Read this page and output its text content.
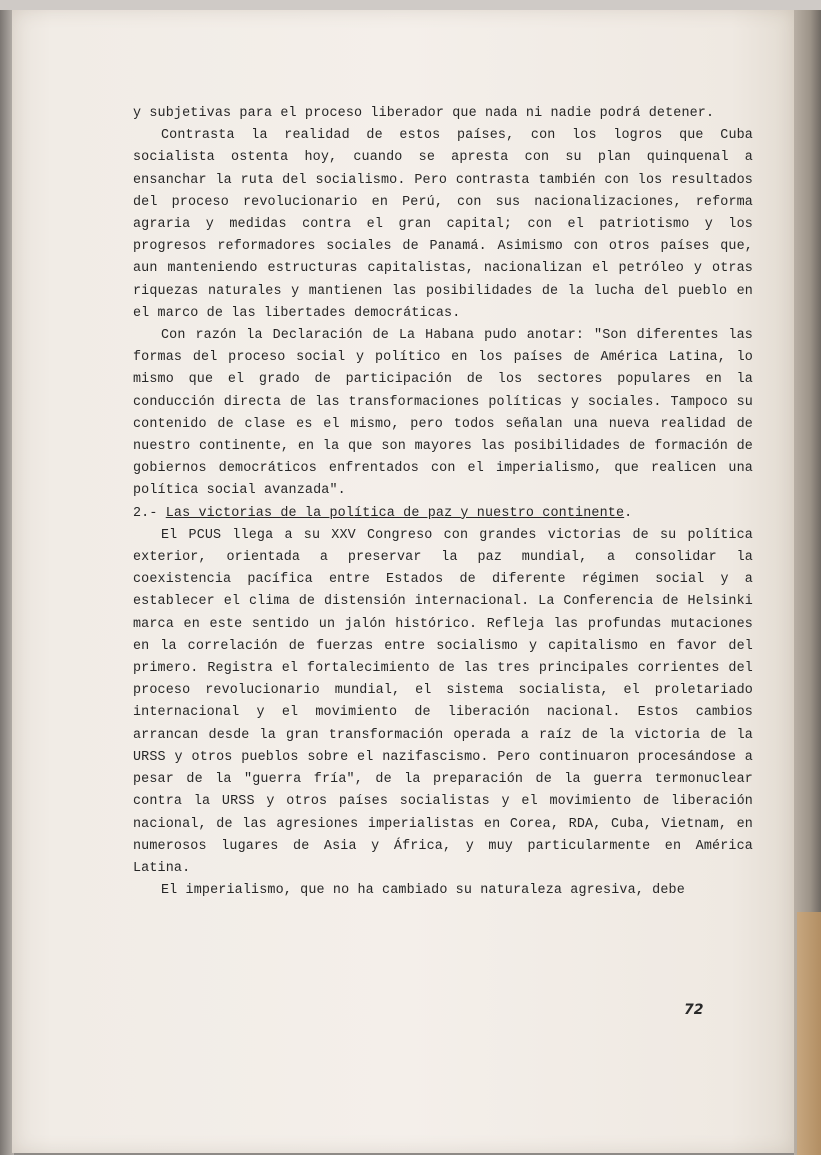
y subjetivas para el proceso liberador que nada ni nadie podrá detener.

Contrasta la realidad de estos países, con los logros que Cuba socialista ostenta hoy, cuando se apresta con su plan quinquenal a ensanchar la ruta del socialismo. Pero contrasta también con los resultados del proceso revolucionario en Perú, con sus nacionalizaciones, reforma agraria y medidas contra el gran capital; con el patriotismo y los progresos reformadores sociales de Panamá. Asimismo con otros países que, aun manteniendo estructuras capitalistas, nacionalizan el petróleo y otras riquezas naturales y mantienen las posibilidades de la lucha del pueblo en el marco de las libertades democráticas.

Con razón la Declaración de La Habana pudo anotar: "Son diferentes las formas del proceso social y político en los países de América Latina, lo mismo que el grado de participación de los sectores populares en la conducción directa de las transformaciones políticas y sociales. Tampoco su contenido de clase es el mismo, pero todos señalan una nueva realidad de nuestro continente, en la que son mayores las posibilidades de formación de gobiernos democráticos enfrentados con el imperialismo, que realicen una política social avanzada".

2.- Las victorias de la política de paz y nuestro continente.

El PCUS llega a su XXV Congreso con grandes victorias de su política exterior, orientada a preservar la paz mundial, a consolidar la coexistencia pacífica entre Estados de diferente régimen social y a establecer el clima de distensión internacional. La Conferencia de Helsinki marca en este sentido un jalón histórico. Refleja las profundas mutaciones en la correlación de fuerzas entre socialismo y capitalismo en favor del primero. Registra el fortalecimiento de las tres principales corrientes del proceso revolucionario mundial, el sistema socialista, el proletariado internacional y el movimiento de liberación nacional. Estos cambios arrancan desde la gran transformación operada a raíz de la victoria de la URSS y otros pueblos sobre el nazifascismo. Pero continuaron procesándose a pesar de la "guerra fría", de la preparación de la guerra termonuclear contra la URSS y otros países socialistas y el movimiento de liberación nacional, de las agresiones imperialistas en Corea, RDA, Cuba, Vietnam, en numerosos lugares de Asia y África, y muy particularmente en América Latina.

El imperialismo, que no ha cambiado su naturaleza agresiva, debe

72
